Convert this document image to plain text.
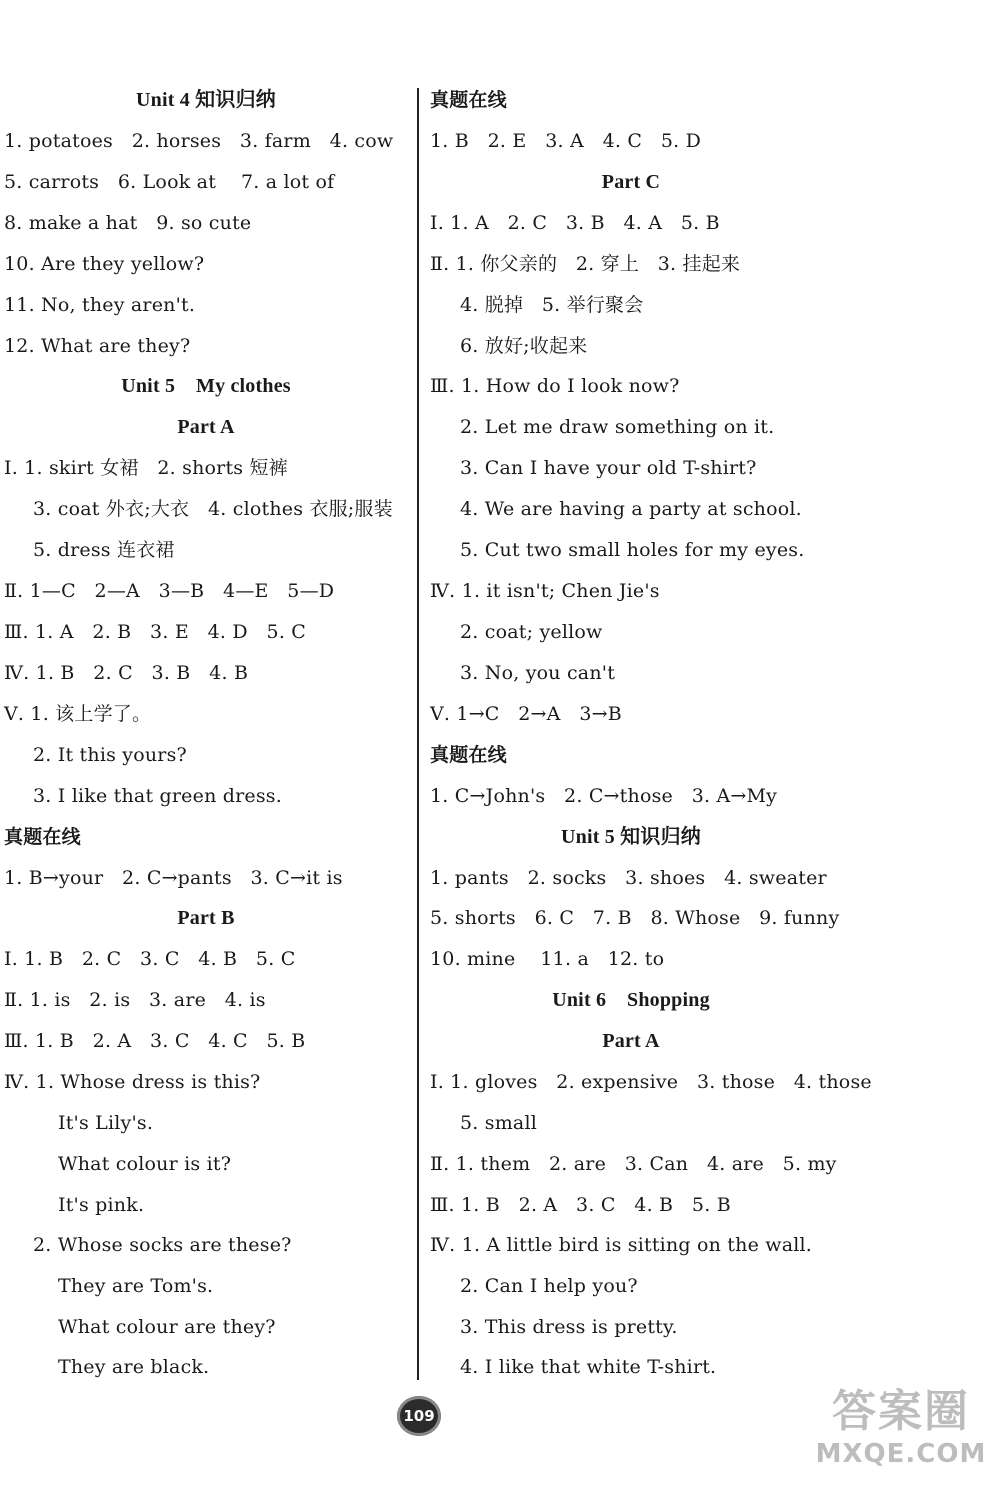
Unit 4 知识归纳
1. potatoes   2. horses   3. farm   4. cow
5. carrots   6. Look at    7. a lot of
8. make a hat   9. so cute
10. Are they yellow?
11. No, they aren't.
12. What are they?
Unit 5    My clothes
Part A
Ⅰ. 1. skirt 女裙   2. shorts 短裤
3. coat 外衣;大衣   4. clothes 衣服;服装
5. dress 连衣裙
Ⅱ. 1—C   2—A   3—B   4—E   5—D
Ⅲ. 1. A   2. B   3. E   4. D   5. C
Ⅳ. 1. B   2. C   3. B   4. B
Ⅴ. 1. 该上学了。
2. It this yours?
3. I like that green dress.
真题在线
1. B→your   2. C→pants   3. C→it is
Part B
Ⅰ. 1. B   2. C   3. C   4. B   5. C
Ⅱ. 1. is   2. is   3. are   4. is
Ⅲ. 1. B   2. A   3. C   4. C   5. B
Ⅳ. 1. Whose dress is this?
It's Lily's.
What colour is it?
It's pink.
2. Whose socks are these?
They are Tom's.
What colour are they?
They are black.
真题在线
1. B   2. E   3. A   4. C   5. D
Part C
Ⅰ. 1. A   2. C   3. B   4. A   5. B
Ⅱ. 1. 你父亲的   2. 穿上   3. 挂起来
4. 脱掉   5. 举行聚会
6. 放好;收起来
Ⅲ. 1. How do I look now?
2. Let me draw something on it.
3. Can I have your old T-shirt?
4. We are having a party at school.
5. Cut two small holes for my eyes.
Ⅳ. 1. it isn't; Chen Jie's
2. coat; yellow
3. No, you can't
Ⅴ. 1→C   2→A   3→B
真题在线
1. C→John's   2. C→those   3. A→My
Unit 5 知识归纳
1. pants   2. socks   3. shoes   4. sweater
5. shorts   6. C   7. B   8. Whose   9. funny
10. mine    11. a   12. to
Unit 6    Shopping
Part A
Ⅰ. 1. gloves   2. expensive   3. those   4. those
5. small
Ⅱ. 1. them   2. are   3. Can   4. are   5. my
Ⅲ. 1. B   2. A   3. C   4. B   5. B
Ⅳ. 1. A little bird is sitting on the wall.
2. Can I help you?
3. This dress is pretty.
4. I like that white T-shirt.
109	答案圈
MXQE.COM
